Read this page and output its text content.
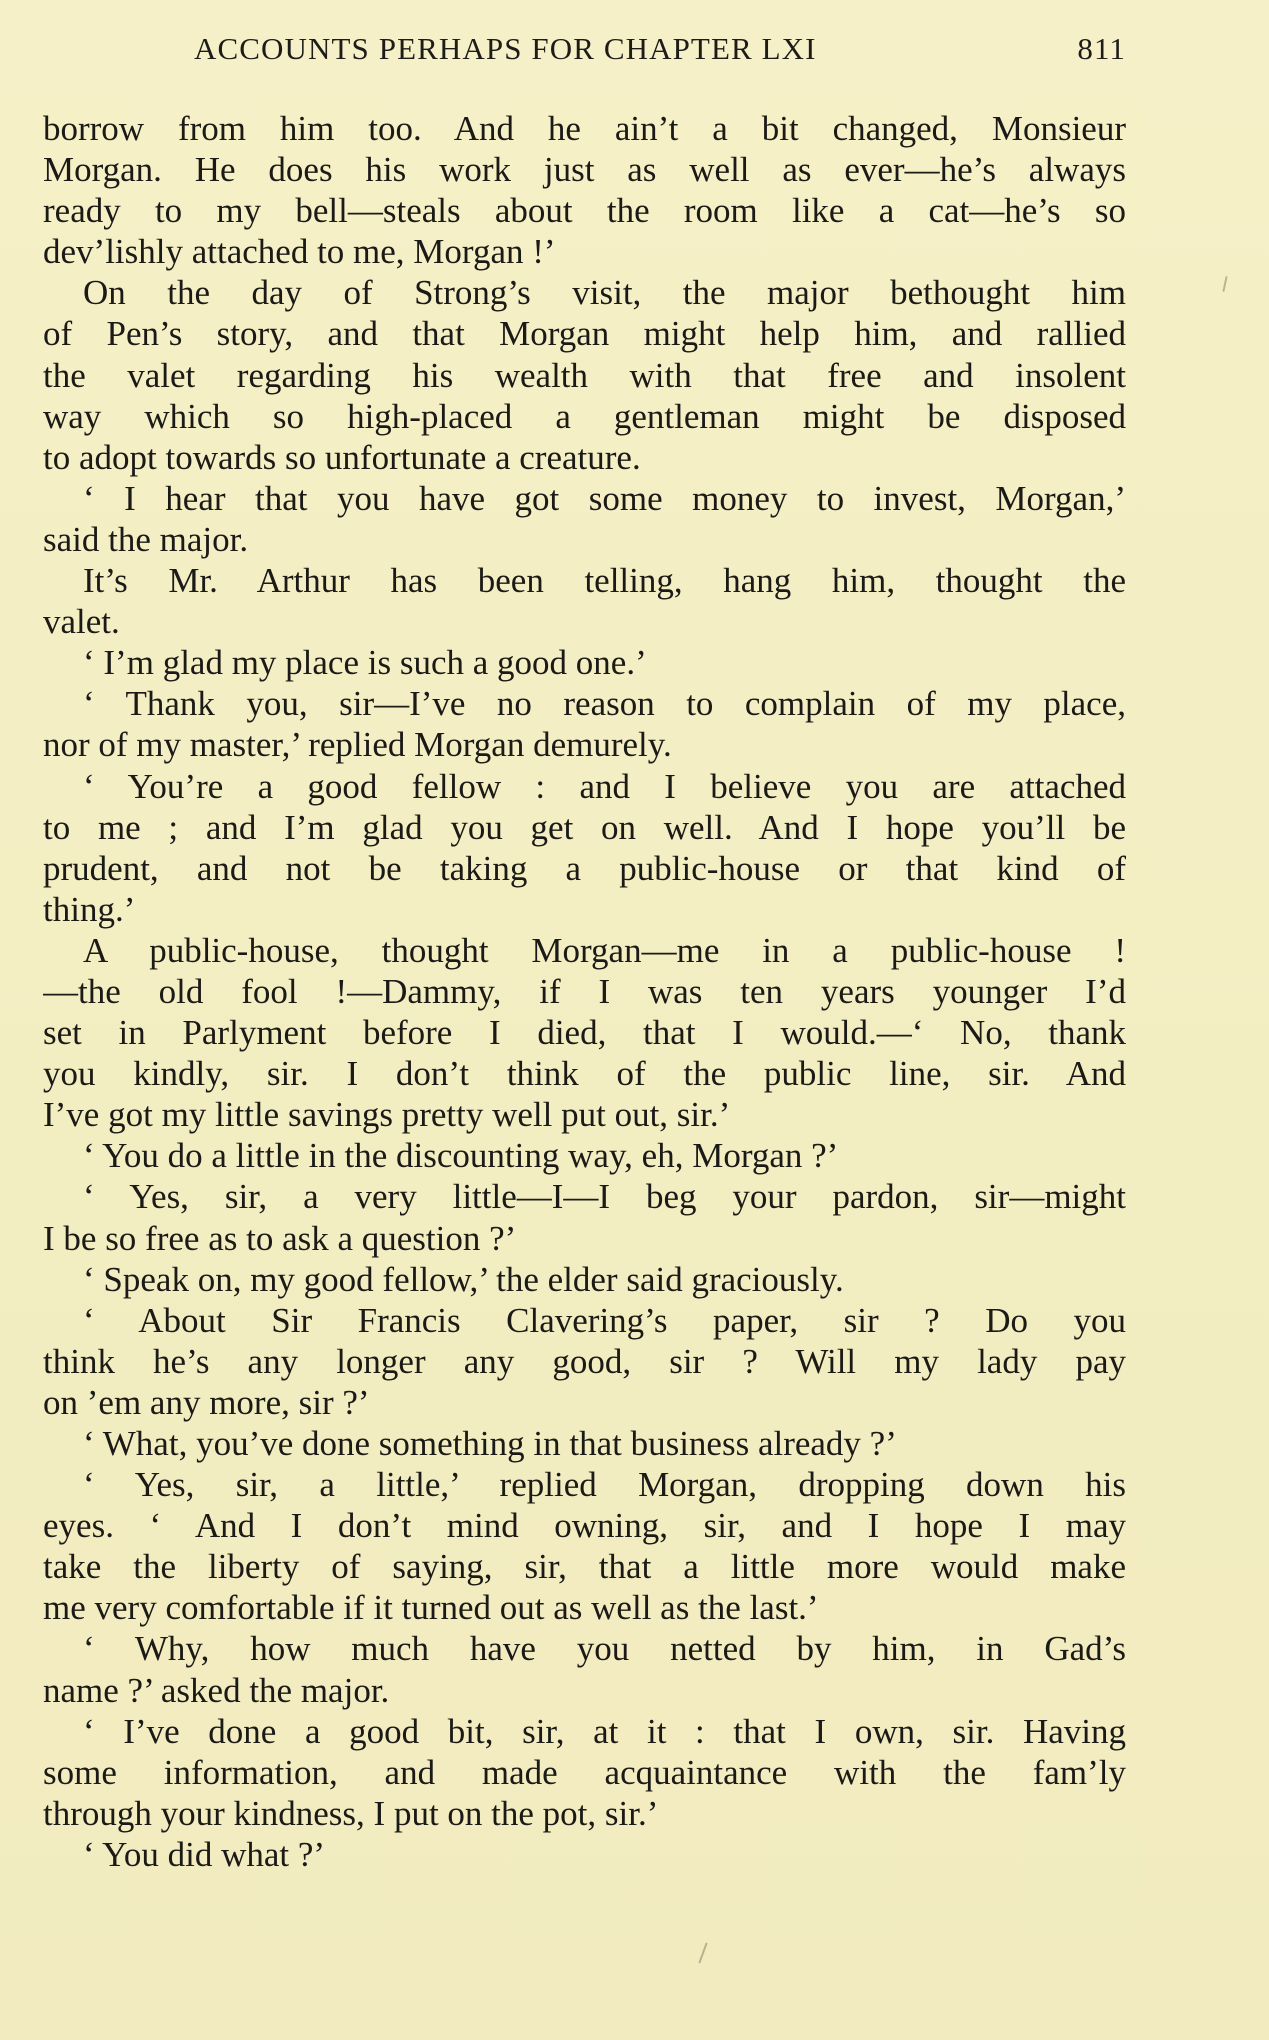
ACCOUNTS PERHAPS FOR CHAPTER LXI	811
borrow from him too. And he ain’t a bit changed, Monsieur
Morgan. He does his work just as well as ever—he’s always
ready to my bell—steals about the room like a cat—he’s so
dev’lishly attached to me, Morgan !’
On the day of Strong’s visit, the major bethought him
of Pen’s story, and that Morgan might help him, and rallied
the valet regarding his wealth with that free and insolent
way which so high-placed a gentleman might be disposed
to adopt towards so unfortunate a creature.
‘ I hear that you have got some money to invest, Morgan,’
said the major.
It’s Mr. Arthur has been telling, hang him, thought the
valet.
‘ I’m glad my place is such a good one.’
‘ Thank you, sir—I’ve no reason to complain of my place,
nor of my master,’ replied Morgan demurely.
‘ You’re a good fellow : and I believe you are attached
to me ; and I’m glad you get on well. And I hope you’ll be
prudent, and not be taking a public-house or that kind of
thing.’
A public-house, thought Morgan—me in a public-house !
—the old fool !—Dammy, if I was ten years younger I’d
set in Parlyment before I died, that I would.—‘ No, thank
you kindly, sir. I don’t think of the public line, sir. And
I’ve got my little savings pretty well put out, sir.’
‘ You do a little in the discounting way, eh, Morgan ?’
‘ Yes, sir, a very little—I—I beg your pardon, sir—might
I be so free as to ask a question ?’
‘ Speak on, my good fellow,’ the elder said graciously.
‘ About Sir Francis Clavering’s paper, sir ? Do you
think he’s any longer any good, sir ? Will my lady pay
on ’em any more, sir ?’
‘ What, you’ve done something in that business already ?’
‘ Yes, sir, a little,’ replied Morgan, dropping down his
eyes. ‘ And I don’t mind owning, sir, and I hope I may
take the liberty of saying, sir, that a little more would make
me very comfortable if it turned out as well as the last.’
‘ Why, how much have you netted by him, in Gad’s
name ?’ asked the major.
‘ I’ve done a good bit, sir, at it : that I own, sir. Having
some information, and made acquaintance with the fam’ly
through your kindness, I put on the pot, sir.’
‘ You did what ?’
